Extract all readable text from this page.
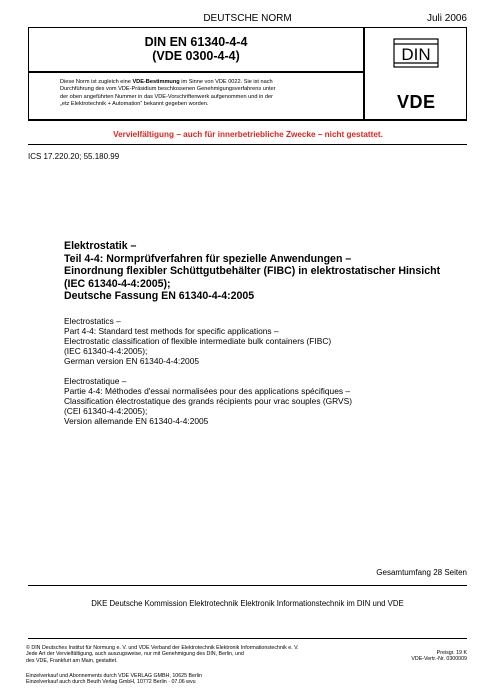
DEUTSCHE NORM	Juli 2006
DIN EN 61340-4-4
(VDE 0300-4-4)
Diese Norm ist zugleich eine VDE-Bestimmung im Sinne von VDE 0022. Sie ist nach
Durchführung des vom VDE-Präsidium beschlossenen Genehmigungsverfahrens unter
der oben angeführten Nummer in das VDE-Vorschriftenwerk aufgenommen und in der
„etz Elektrotechnik + Automation“ bekannt gegeben worden.
DIN
VDE
Vervielfältigung – auch für innerbetriebliche Zwecke – nicht gestattet.
ICS 17.220.20; 55.180.99
Elektrostatik –
Teil 4-4: Normprüfverfahren für spezielle Anwendungen –
Einordnung flexibler Schüttgutbehälter (FIBC) in elektrostatischer Hinsicht
(IEC 61340-4-4:2005);
Deutsche Fassung EN 61340-4-4:2005
Electrostatics –
Part 4-4: Standard test methods for specific applications –
Electrostatic classification of flexible intermediate bulk containers (FIBC)
(IEC 61340-4-4:2005);
German version EN 61340-4-4:2005
Electrostatique –
Partie 4-4: Méthodes d'essai normalisées pour des applications spécifiques –
Classification électrostatique des grands récipients pour vrac souples (GRVS)
(CEI 61340-4-4:2005);
Version allemande EN 61340-4-4:2005
Gesamtumfang 28 Seiten
DKE Deutsche Kommission Elektrotechnik Elektronik Informationstechnik im DIN und VDE
© DIN Deutsches Institut für Normung e. V. und VDE Verband der Elektrotechnik Elektronik Informationstechnik e. V.
Jede Art der Vervielfältigung, auch auszugsweise, nur mit Genehmigung des DIN, Berlin, und
des VDE, Frankfurt am Main, gestattet.
Preisgr. 19 K
VDE-Vertr.-Nr. 0300009
Einzelverkauf und Abonnements durch VDE VERLAG GMBH, 10625 Berlin
Einzelverkauf auch durch Beuth Verlag GmbH, 10772 Berlin · 07.06 wvu
